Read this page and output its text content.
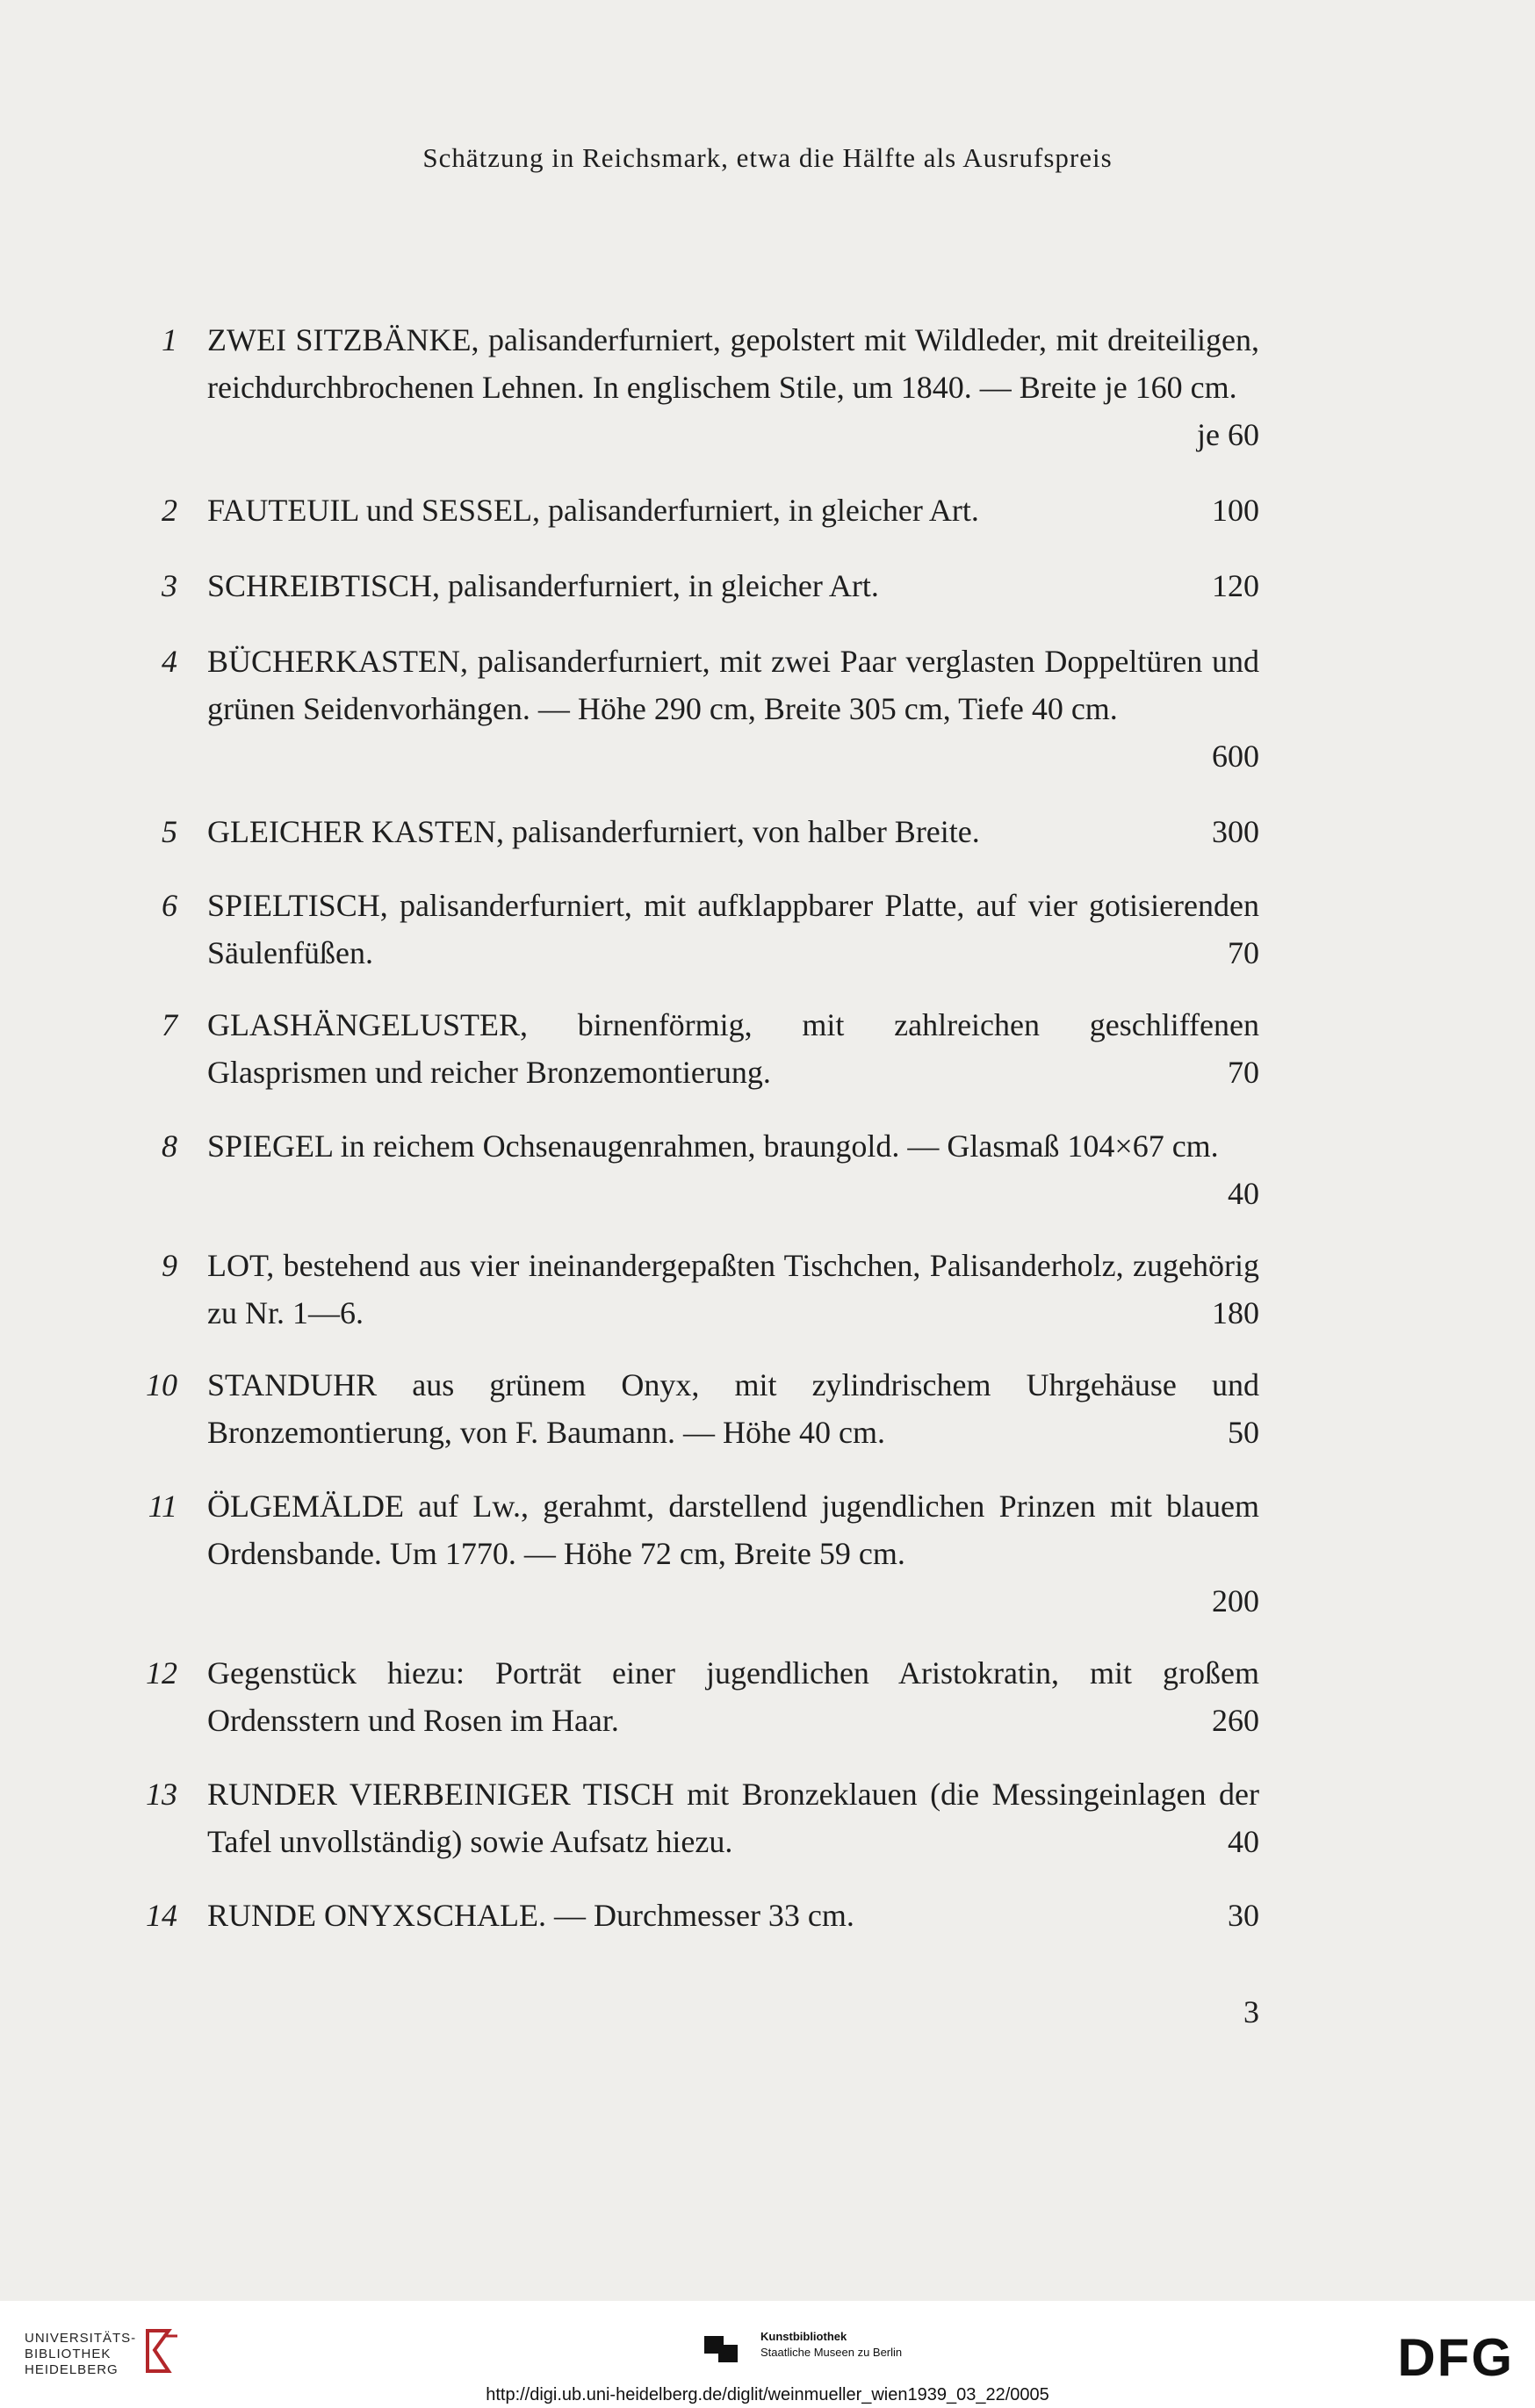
Schätzung in Reichsmark, etwa die Hälfte als Ausrufspreis
1 ZWEI SITZBÄNKE, palisanderfurniert, gepolstert mit Wildleder, mit dreiteiligen, reichdurchbrochenen Lehnen. In englischem Stile, um 1840. — Breite je 160 cm.
je 60
2 FAUTEUIL und SESSEL, palisanderfurniert, in gleicher Art.	100
3 SCHREIBTISCH, palisanderfurniert, in gleicher Art.	120
4 BÜCHERKASTEN, palisanderfurniert, mit zwei Paar verglasten Doppeltüren und grünen Seidenvorhängen. — Höhe 290 cm, Breite 305 cm, Tiefe 40 cm.
600
5 GLEICHER KASTEN, palisanderfurniert, von halber Breite.	300
6 SPIELTISCH, palisanderfurniert, mit aufklappbarer Platte, auf vier gotisierenden Säulenfüßen.	70
7 GLASHÄNGELUSTER, birnenförmig, mit zahlreichen geschliffenen Glasprismen und reicher Bronzemontierung.	70
8 SPIEGEL in reichem Ochsenaugenrahmen, braungold. — Glasmaß 104×67 cm.
40
9 LOT, bestehend aus vier ineinandergepaßten Tischchen, Palisanderholz, zugehörig zu Nr. 1—6.	180
10 STANDUHR aus grünem Onyx, mit zylindrischem Uhrgehäuse und Bronzemontierung, von F. Baumann. — Höhe 40 cm.	50
11 ÖLGEMÄLDE auf Lw., gerahmt, darstellend jugendlichen Prinzen mit blauem Ordensbande. Um 1770. — Höhe 72 cm, Breite 59 cm.
200
12 Gegenstück hiezu: Porträt einer jugendlichen Aristokratin, mit großem Ordensstern und Rosen im Haar.	260
13 RUNDER VIERBEINIGER TISCH mit Bronzeklauen (die Messingeinlagen der Tafel unvollständig) sowie Aufsatz hiezu.	40
14 RUNDE ONYXSCHALE. — Durchmesser 33 cm.	30
3
UNIVERSITÄTS-
BIBLIOTHEK
HEIDELBERG
Kunstbibliothek
Staatliche Museen zu Berlin	DFG
http://digi.ub.uni-heidelberg.de/diglit/weinmueller_wien1939_03_22/0005
